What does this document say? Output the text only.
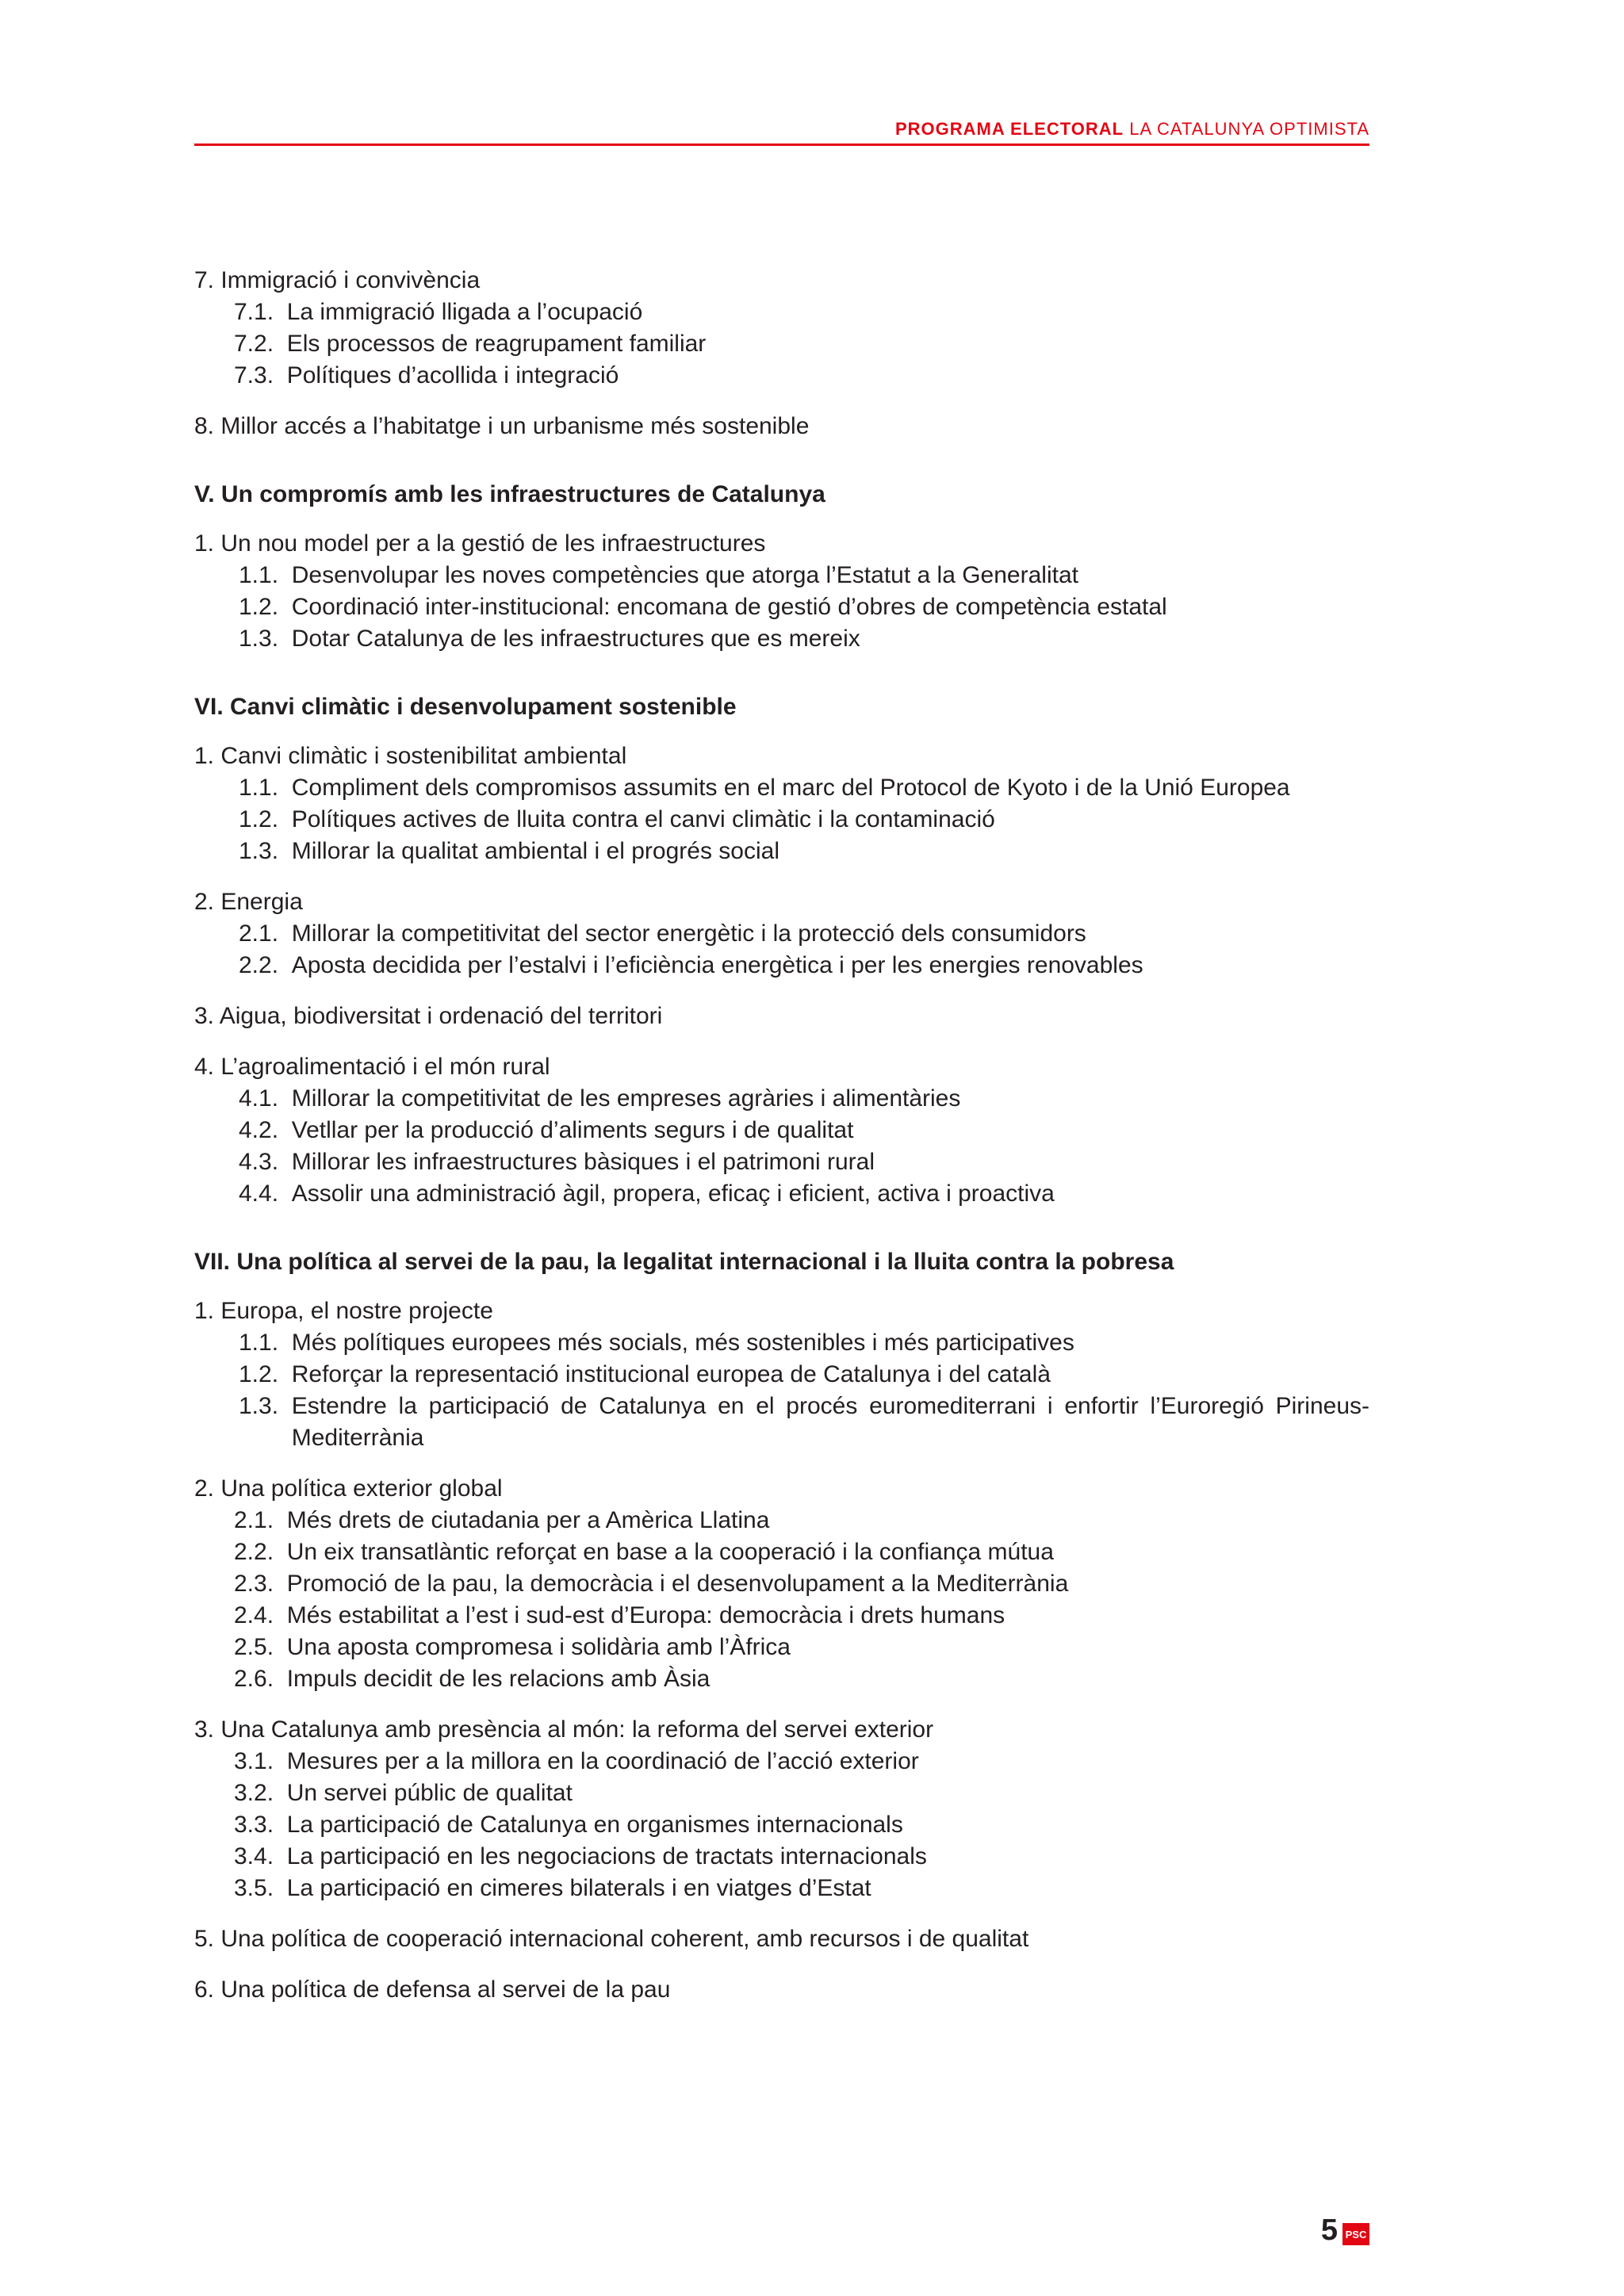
PROGRAMA ELECTORAL LA CATALUNYA OPTIMISTA
7. Immigració i convivència
7.1.
La immigració lligada a l’ocupació
7.2.
Els processos de reagrupament familiar
7.3.
Polítiques d’acollida i integració
8. Millor accés a l’habitatge i un urbanisme més sostenible
V. Un compromís amb les infraestructures de Catalunya
1. Un nou model per a la gestió de les infraestructures
1.1.
Desenvolupar les noves competències que atorga l’Estatut a la Generalitat
1.2.
Coordinació inter-institucional: encomana de gestió d’obres de competència estatal
1.3.
Dotar Catalunya de les infraestructures que es mereix
VI. Canvi climàtic i desenvolupament sostenible
1. Canvi climàtic i sostenibilitat ambiental
1.1.
Compliment dels compromisos assumits en el marc del Protocol de Kyoto i de la Unió Europea
1.2.
Polítiques actives de lluita contra el canvi climàtic i la contaminació
1.3.
Millorar la qualitat ambiental i el progrés social
2. Energia
2.1.
Millorar la competitivitat del sector energètic i la protecció dels consumidors
2.2.
Aposta decidida per l’estalvi i l’eficiència energètica i per les energies renovables
3. Aigua, biodiversitat i ordenació del territori
4. L’agroalimentació i el món rural
4.1.
Millorar la competitivitat de les empreses agràries i alimentàries
4.2.
Vetllar per la producció d’aliments segurs i de qualitat
4.3.
Millorar les infraestructures bàsiques i el patrimoni rural
4.4.
Assolir una administració àgil, propera, eficaç i eficient, activa i proactiva
VII. Una política al servei de la pau, la legalitat internacional i la lluita contra la pobresa
1. Europa, el nostre projecte
1.1.
Més polítiques europees més socials, més sostenibles i més participatives
1.2.
Reforçar la representació institucional europea de Catalunya i del català
1.3.
Estendre la participació de Catalunya en el procés euromediterrani i enfortir l’Euroregió Pirineus- Mediterrània
2. Una política exterior global
2.1.
Més drets de ciutadania per a Amèrica Llatina
2.2.
Un eix transatlàntic reforçat en base a la cooperació i la confiança mútua
2.3.
Promoció de la pau, la democràcia i el desenvolupament a la Mediterrània
2.4.
Més estabilitat a l’est i sud-est d’Europa: democràcia i drets humans
2.5.
Una aposta compromesa i solidària amb l’Àfrica
2.6.
Impuls decidit de les relacions amb Àsia
3. Una Catalunya amb presència al món: la reforma del servei exterior
3.1.
Mesures per a la millora en la coordinació de l’acció exterior
3.2.
Un servei públic de qualitat
3.3.
La participació de Catalunya en organismes internacionals
3.4.
La participació en les negociacions de tractats internacionals
3.5.
La participació en cimeres bilaterals i en viatges d’Estat
5. Una política de cooperació internacional coherent, amb recursos i de qualitat
6. Una política de defensa al servei de la pau
5 PSC
